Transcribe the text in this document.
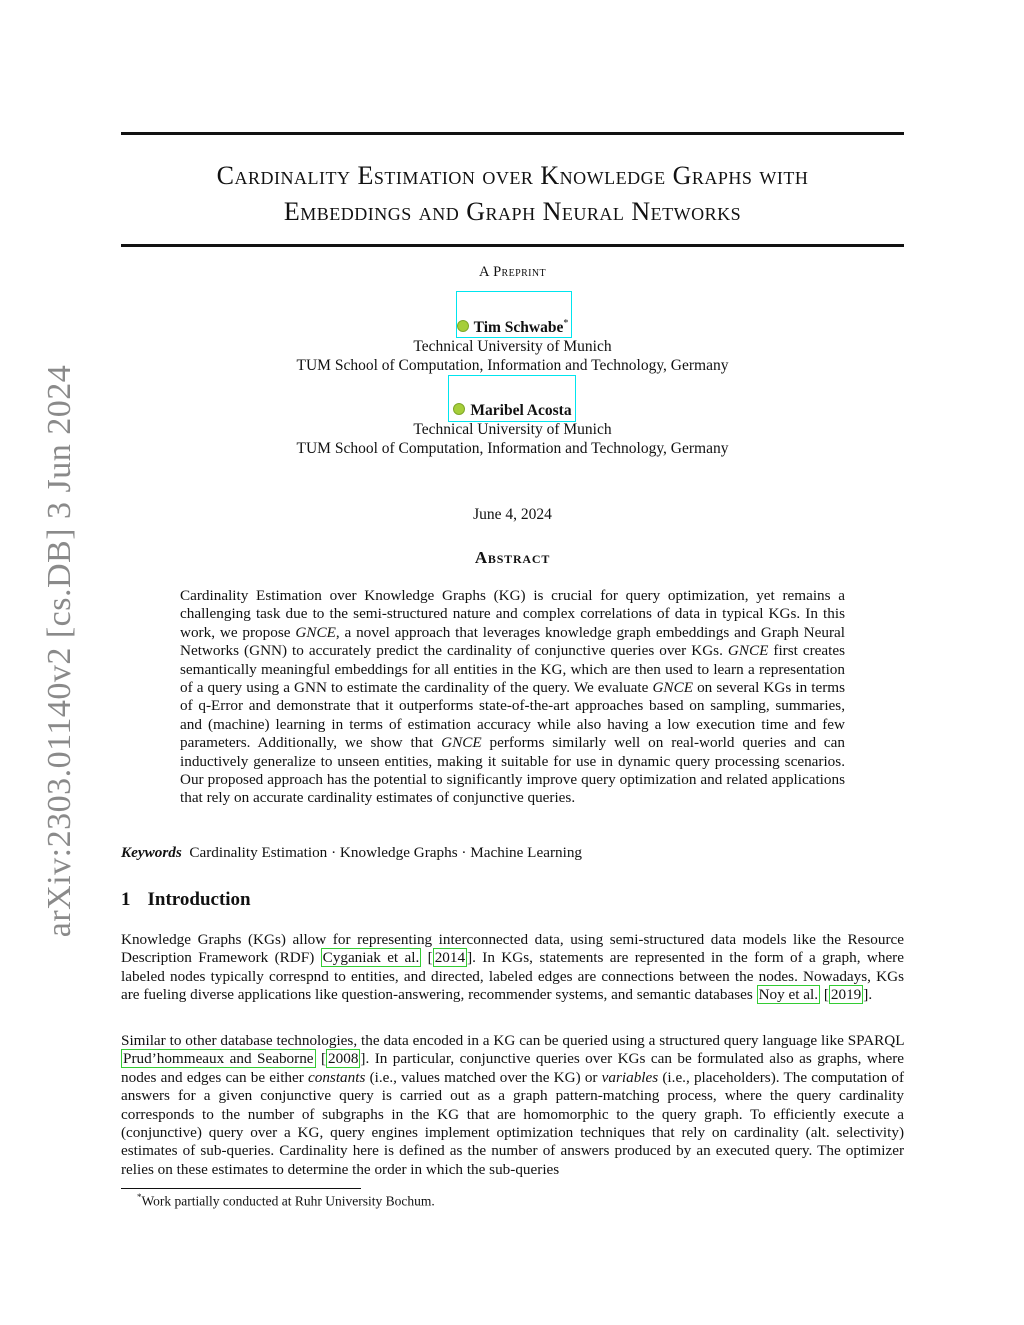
arXiv:2303.01140v2 [cs.DB] 3 Jun 2024
Cardinality Estimation over Knowledge Graphs with
Embeddings and Graph Neural Networks
A Preprint
Tim Schwabe*
Technical University of Munich
TUM School of Computation, Information and Technology, Germany
Maribel Acosta
Technical University of Munich
TUM School of Computation, Information and Technology, Germany
June 4, 2024
Abstract
Cardinality Estimation over Knowledge Graphs (KG) is crucial for query optimization, yet remains a challenging task due to the semi-structured nature and complex correlations of data in typical KGs. In this work, we propose GNCE, a novel approach that leverages knowledge graph embeddings and Graph Neural Networks (GNN) to accurately predict the cardinality of conjunctive queries over KGs. GNCE first creates semantically meaningful embeddings for all entities in the KG, which are then used to learn a representation of a query using a GNN to estimate the cardinality of the query. We evaluate GNCE on several KGs in terms of q-Error and demonstrate that it outperforms state-of-the-art approaches based on sampling, summaries, and (machine) learning in terms of estimation accuracy while also having a low execution time and few parameters. Additionally, we show that GNCE performs similarly well on real-world queries and can inductively generalize to unseen entities, making it suitable for use in dynamic query processing scenarios. Our proposed approach has the potential to significantly improve query optimization and related applications that rely on accurate cardinality estimates of conjunctive queries.
Keywords Cardinality Estimation · Knowledge Graphs · Machine Learning
1 Introduction
Knowledge Graphs (KGs) allow for representing interconnected data, using semi-structured data models like the Resource Description Framework (RDF) Cyganiak et al. [ 2014 ]. In KGs, statements are represented in the form of a graph, where labeled nodes typically correspnd to entities, and directed, labeled edges are connections between the nodes. Nowadays, KGs are fueling diverse applications like question-answering, recommender systems, and semantic databases Noy et al. [ 2019 ].
Similar to other database technologies, the data encoded in a KG can be queried using a structured query language like SPARQL Prud’hommeaux and Seaborne [ 2008 ]. In particular, conjunctive queries over KGs can be formulated also as graphs, where nodes and edges can be either constants (i.e., values matched over the KG) or variables (i.e., placeholders). The computation of answers for a given conjunctive query is carried out as a graph pattern-matching process, where the query cardinality corresponds to the number of subgraphs in the KG that are homomorphic to the query graph. To efficiently execute a (conjunctive) query over a KG, query engines implement optimization techniques that rely on cardinality (alt. selectivity) estimates of sub-queries. Cardinality here is defined as the number of answers produced by an executed query. The optimizer relies on these estimates to determine the order in which the sub-queries
*Work partially conducted at Ruhr University Bochum.
